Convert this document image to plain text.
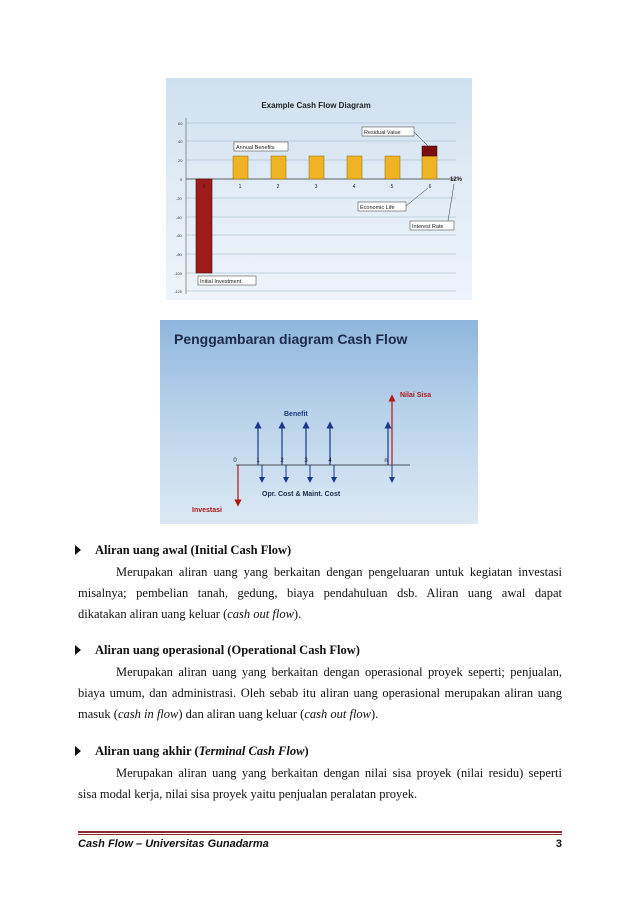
Example Cash Flow Diagram
60
40
20
0
-20
-40
-60
-80
-100
-120
0	1	2	3	4	5	6
Annual Benefits
Residual Value
12%
Economic Life
Interest Rate
Initial Investment
Penggambaran diagram Cash Flow
0	1	2	3	4	n
Benefit
Nilai Sisa
Opr. Cost & Maint. Cost
Investasi
Aliran uang awal (Initial Cash Flow)
Merupakan aliran uang yang berkaitan dengan pengeluaran untuk kegiatan investasi
misalnya; pembelian tanah, gedung, biaya pendahuluan dsb. Aliran uang awal dapat
dikatakan aliran uang keluar (cash out flow).
Aliran uang operasional (Operational Cash Flow)
Merupakan aliran uang yang berkaitan dengan operasional proyek seperti; penjualan,
biaya umum, dan administrasi. Oleh sebab itu aliran uang operasional merupakan aliran uang
masuk (cash in flow) dan aliran uang keluar (cash out flow).
Aliran uang akhir (Terminal Cash Flow)
Merupakan aliran uang yang berkaitan dengan nilai sisa proyek (nilai residu) seperti
sisa modal kerja, nilai sisa proyek yaitu penjualan peralatan proyek.
Cash Flow – Universitas Gunadarma	3
